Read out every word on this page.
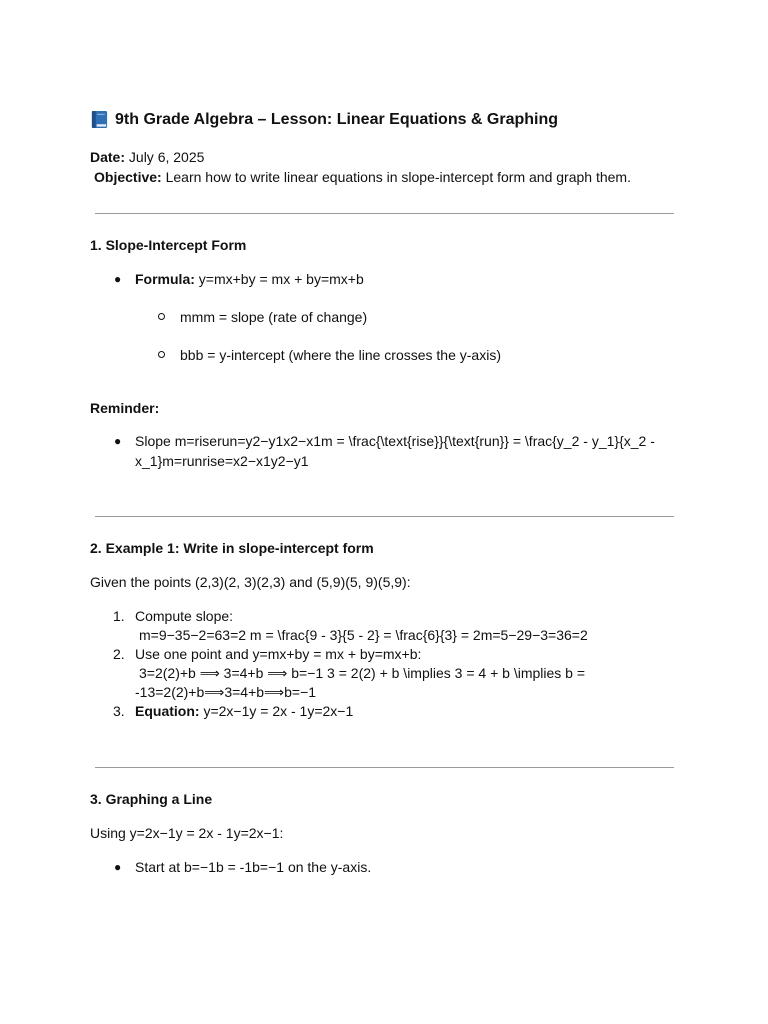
9th Grade Algebra – Lesson: Linear Equations & Graphing
Date: July 6, 2025
Objective: Learn how to write linear equations in slope-intercept form and graph them.
1. Slope-Intercept Form
● Formula: y=mx+by = mx + by=mx+b
mmm = slope (rate of change)
bbb = y-intercept (where the line crosses the y-axis)
Reminder:
● Slope m=riserun=y2−y1x2−x1m = \frac{\text{rise}}{\text{run}} = \frac{y_2 - y_1}{x_2 -
x_1}m=runrise=x2−x1y2−y1
2. Example 1: Write in slope-intercept form
Given the points (2,3)(2, 3)(2,3) and (5,9)(5, 9)(5,9):
1. Compute slope:
m=9−35−2=63=2 m = \frac{9 - 3}{5 - 2} = \frac{6}{3} = 2m=5−29−3=36=2
2. Use one point and y=mx+by = mx + by=mx+b:
3=2(2)+b ⟹ 3=4+b ⟹ b=−1 3 = 2(2) + b \implies 3 = 4 + b \implies b =
-13=2(2)+b⟹3=4+b⟹b=−1
3. Equation: y=2x−1y = 2x - 1y=2x−1
3. Graphing a Line
Using y=2x−1y = 2x - 1y=2x−1:
● Start at b=−1b = -1b=−1 on the y-axis.
